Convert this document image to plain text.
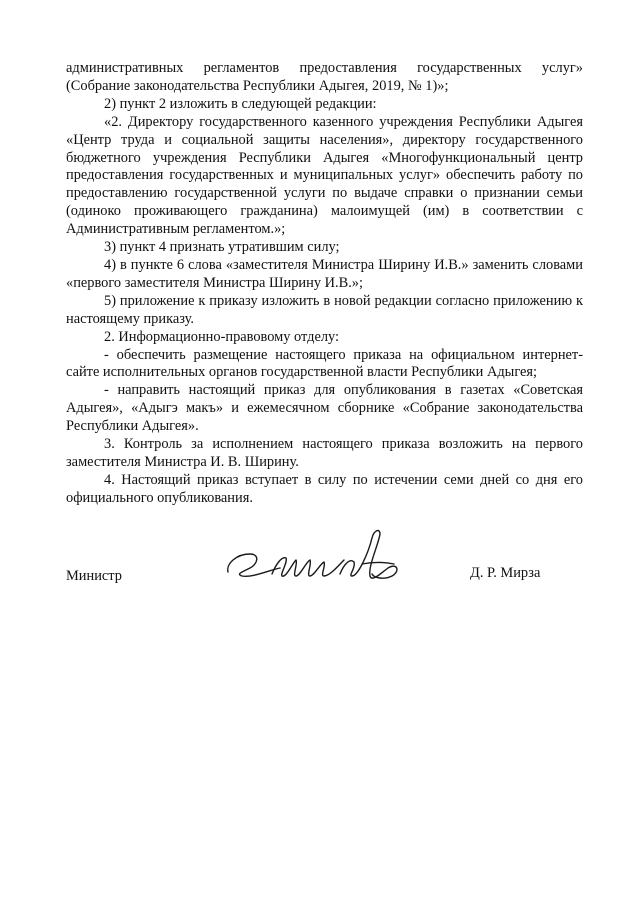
административных регламентов предоставления государственных услуг» (Собрание законодательства Республики Адыгея, 2019, № 1)»;

2) пункт 2 изложить в следующей редакции:

«2. Директору государственного казенного учреждения Республики Адыгея «Центр труда и социальной защиты населения», директору государственного бюджетного учреждения Республики Адыгея «Многофункциональный центр предоставления государственных и муниципальных услуг» обеспечить работу по предоставлению государственной услуги по выдаче справки о признании семьи (одиноко проживающего гражданина) малоимущей (им) в соответствии с Административным регламентом.»;

3) пункт 4 признать утратившим силу;

4) в пункте 6 слова «заместителя Министра Ширину И.В.» заменить словами «первого заместителя Министра Ширину И.В.»;

5) приложение к приказу изложить в новой редакции согласно приложению к настоящему приказу.

2. Информационно-правовому отделу:

- обеспечить размещение настоящего приказа на официальном интернет-сайте исполнительных органов государственной власти Республики Адыгея;

- направить настоящий приказ для опубликования в газетах «Советская Адыгея», «Адыгэ макъ» и ежемесячном сборнике «Собрание законодательства Республики Адыгея».

3. Контроль за исполнением настоящего приказа возложить на первого заместителя Министра И. В. Ширину.

4. Настоящий приказ вступает в силу по истечении семи дней со дня его официального опубликования.

Министр	Д. Р. Мирза
